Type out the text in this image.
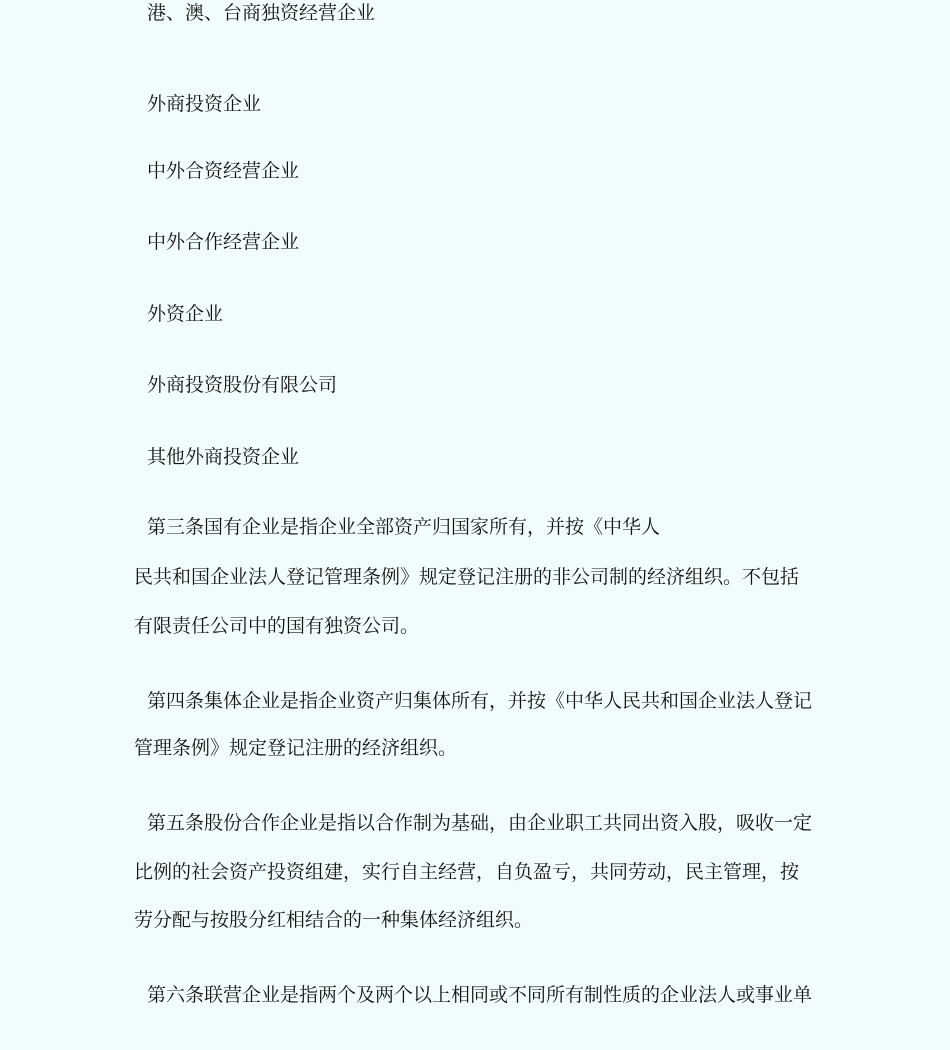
港、澳、台商独资经营企业
外商投资企业
中外合资经营企业
中外合作经营企业
外资企业
外商投资股份有限公司
其他外商投资企业
第三条国有企业是指企业全部资产归国家所有，并按《中华人
民共和国企业法人登记管理条例》规定登记注册的非公司制的经济组织。不包括
有限责任公司中的国有独资公司。
第四条集体企业是指企业资产归集体所有，并按《中华人民共和国企业法人登记
管理条例》规定登记注册的经济组织。
第五条股份合作企业是指以合作制为基础，由企业职工共同出资入股，吸收一定
比例的社会资产投资组建，实行自主经营，自负盈亏，共同劳动，民主管理，按
劳分配与按股分红相结合的一种集体经济组织。
第六条联营企业是指两个及两个以上相同或不同所有制性质的企业法人或事业单
